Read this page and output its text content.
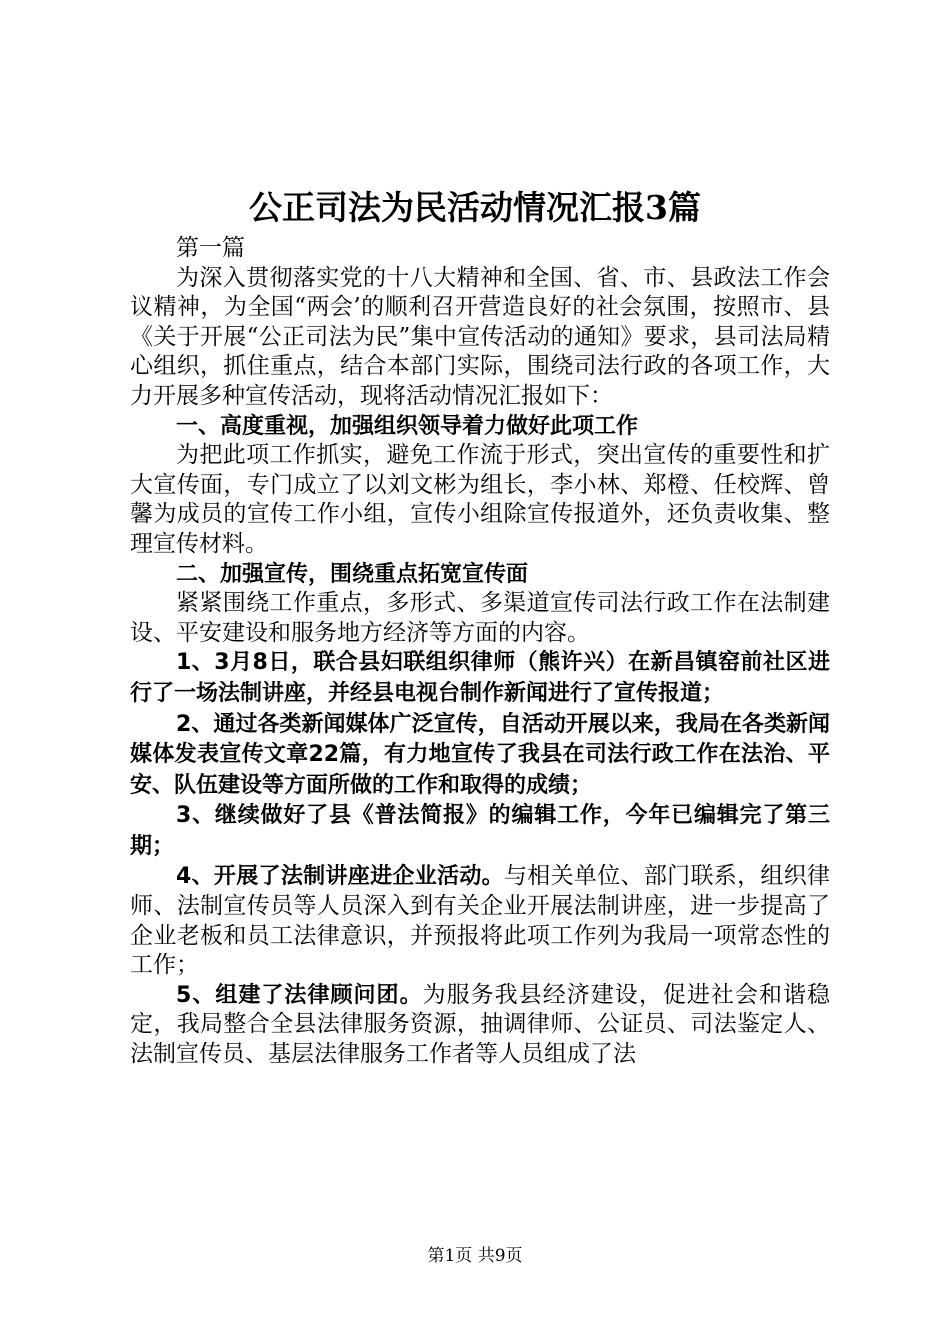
公正司法为民活动情况汇报3篇

第一篇

为深入贯彻落实党的十八大精神和全国、省、市、县政法工作会议精神，为全国“两会’的顺利召开营造良好的社会氛围，按照市、县《关于开展“公正司法为民”集中宣传活动的通知》要求，县司法局精心组织，抓住重点，结合本部门实际，围绕司法行政的各项工作，大力开展多种宣传活动，现将活动情况汇报如下：

一、高度重视，加强组织领导着力做好此项工作

为把此项工作抓实，避免工作流于形式，突出宣传的重要性和扩大宣传面，专门成立了以刘文彬为组长，李小林、郑橙、任校辉、曾馨为成员的宣传工作小组，宣传小组除宣传报道外，还负责收集、整理宣传材料。

二、加强宣传，围绕重点拓宽宣传面

紧紧围绕工作重点，多形式、多渠道宣传司法行政工作在法制建设、平安建设和服务地方经济等方面的内容。

1、3月8日，联合县妇联组织律师（熊许兴）在新昌镇窑前社区进行了一场法制讲座，并经县电视台制作新闻进行了宣传报道；

2、通过各类新闻媒体广泛宣传，自活动开展以来，我局在各类新闻媒体发表宣传文章22篇，有力地宣传了我县在司法行政工作在法治、平安、队伍建设等方面所做的工作和取得的成绩；

3、继续做好了县《普法简报》的编辑工作，今年已编辑完了第三期；

4、开展了法制讲座进企业活动。与相关单位、部门联系，组织律师、法制宣传员等人员深入到有关企业开展法制讲座，进一步提高了企业老板和员工法律意识，并预报将此项工作列为我局一项常态性的工作；

5、组建了法律顾问团。为服务我县经济建设，促进社会和谐稳定，我局整合全县法律服务资源，抽调律师、公证员、司法鉴定人、法制宣传员、基层法律服务工作者等人员组成了法

第1页 共9页
